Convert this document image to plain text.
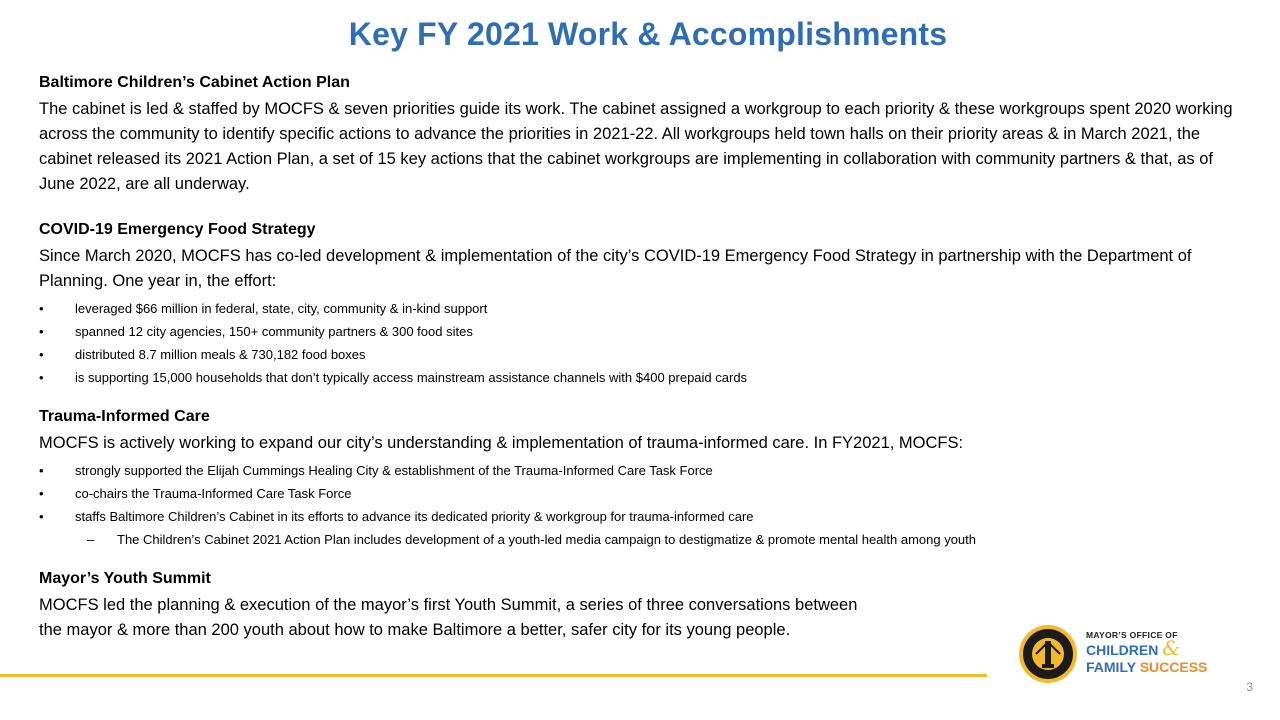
Key FY 2021 Work & Accomplishments

Baltimore Children’s Cabinet Action Plan

The cabinet is led & staffed by MOCFS & seven priorities guide its work. The cabinet assigned a workgroup to each priority & these workgroups spent 2020 working across the community to identify specific actions to advance the priorities in 2021-22. All workgroups held town halls on their priority areas & in March 2021, the cabinet released its 2021 Action Plan, a set of 15 key actions that the cabinet workgroups are implementing in collaboration with community partners & that, as of June 2022, are all underway.

COVID-19 Emergency Food Strategy

Since March 2020, MOCFS has co-led development & implementation of the city’s COVID-19 Emergency Food Strategy in partnership with the Department of Planning. One year in, the effort:

• leveraged $66 million in federal, state, city, community & in-kind support
• spanned 12 city agencies, 150+ community partners & 300 food sites
• distributed 8.7 million meals & 730,182 food boxes
• is supporting 15,000 households that don’t typically access mainstream assistance channels with $400 prepaid cards

Trauma-Informed Care

MOCFS is actively working to expand our city’s understanding & implementation of trauma-informed care. In FY2021, MOCFS:

• strongly supported the Elijah Cummings Healing City & establishment of the Trauma-Informed Care Task Force
• co-chairs the Trauma-Informed Care Task Force
• staffs Baltimore Children’s Cabinet in its efforts to advance its dedicated priority & workgroup for trauma-informed care
– The Children’s Cabinet 2021 Action Plan includes development of a youth-led media campaign to destigmatize & promote mental health among youth

Mayor’s Youth Summit

MOCFS led the planning & execution of the mayor’s first Youth Summit, a series of three conversations between
the mayor & more than 200 youth about how to make Baltimore a better, safer city for its young people.	MAYOR’S OFFICE OF
CHILDREN &
FAMILY SUCCESS
3
